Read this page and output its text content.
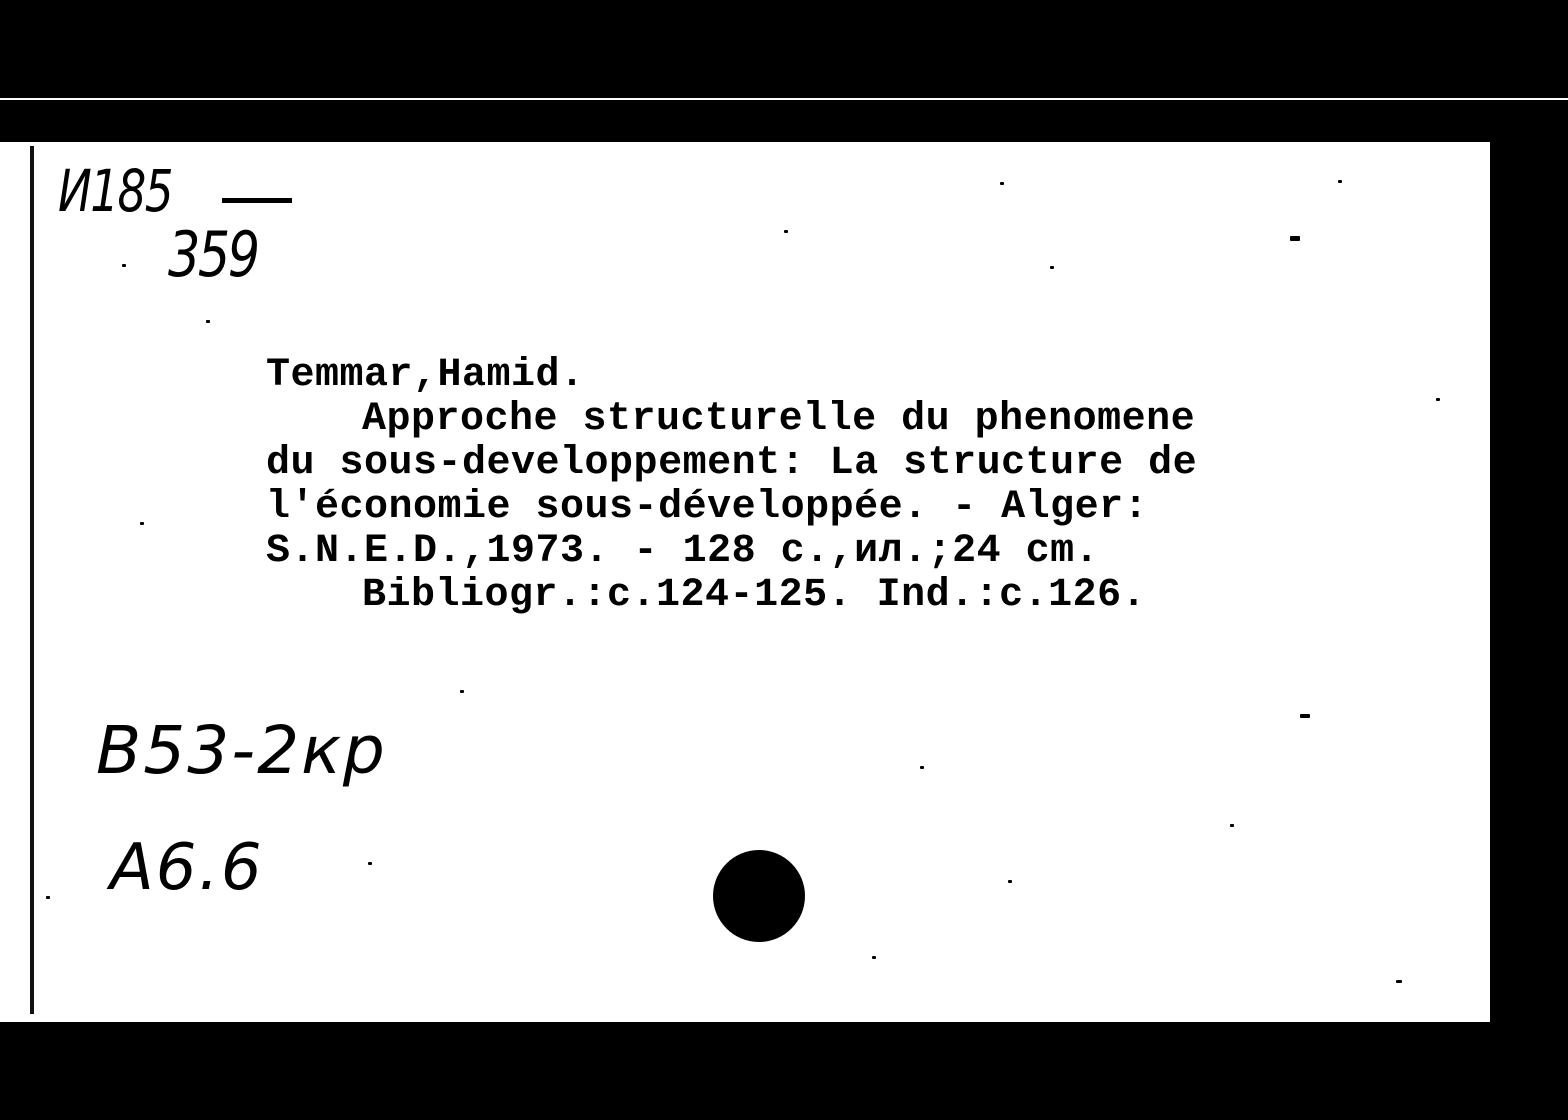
И185
359
Temmar,Hamid.
Approche structurelle du phenomene
du sous-developpement: La structure de
l'économie sous-développée. - Alger:
S.N.E.D.,1973. - 128 c.,ил.;24 cm.
Bibliogr.:c.124-125. Ind.:c.126.
В53-2кр
A6.6
